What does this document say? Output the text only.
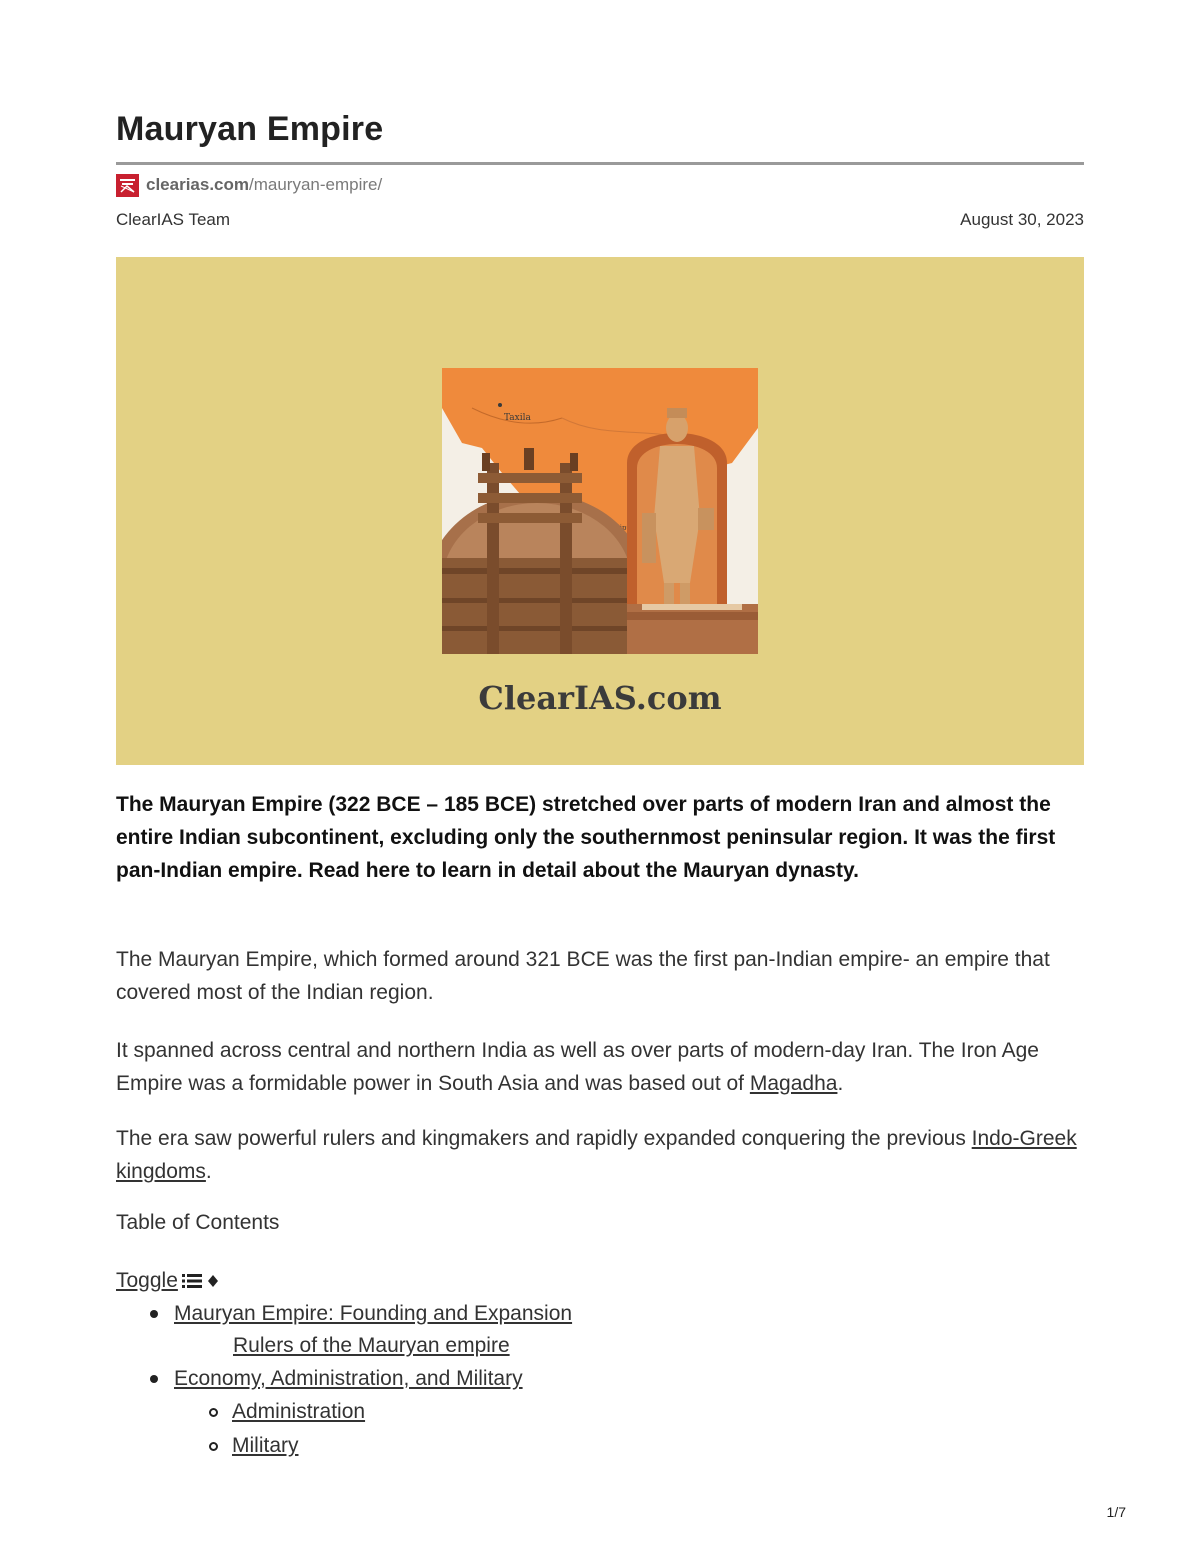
Mauryan Empire
clearias.com /mauryan-empire/
ClearIAS Team	August 30, 2023
Taxila
ClearIAS.com
The Mauryan Empire (322 BCE – 185 BCE) stretched over parts of modern Iran and almost the entire Indian subcontinent, excluding only the southernmost peninsular region. It was the first pan-Indian empire. Read here to learn in detail about the Mauryan dynasty.
The Mauryan Empire, which formed around 321 BCE was the first pan-Indian empire- an empire that covered most of the Indian region.
It spanned across central and northern India as well as over parts of modern-day Iran. The Iron Age Empire was a formidable power in South Asia and was based out of Magadha.
The era saw powerful rulers and kingmakers and rapidly expanded conquering the previous Indo-Greek kingdoms.
Table of Contents
Toggle
Mauryan Empire: Founding and Expansion
Rulers of the Mauryan empire
Economy, Administration, and Military
Administration
Military
1/7
